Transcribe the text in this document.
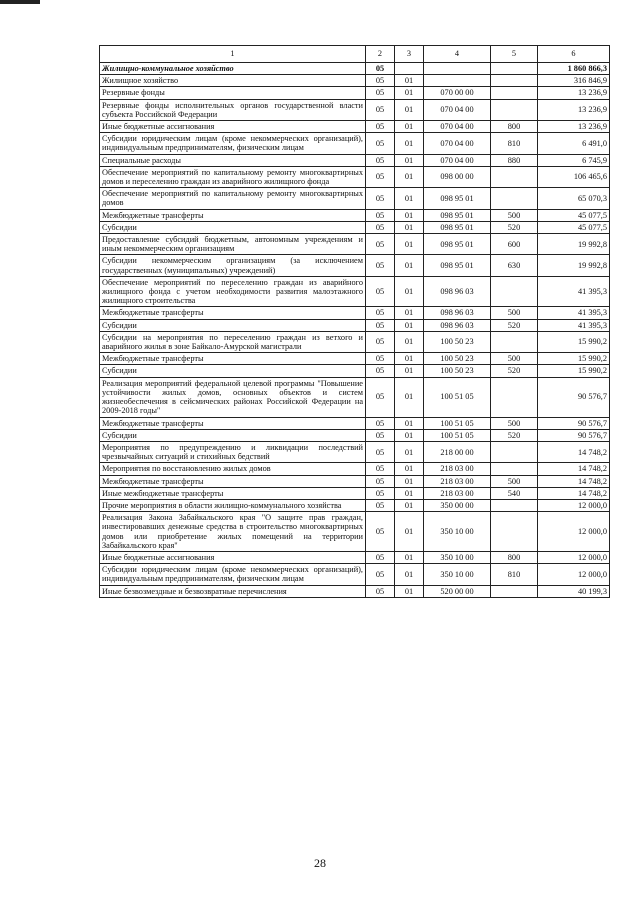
1	2	3	4	5	6
Жилищно-коммунальное хозяйство	05				1 860 866,3
Жилищное хозяйство	05	01			316 846,9
Резервные фонды	05	01	070 00 00		13 236,9
Резервные фонды исполнительных органов государственной власти субъекта Российской Федерации	05	01	070 04 00		13 236,9
Иные бюджетные ассигнования	05	01	070 04 00	800	13 236,9
Субсидии юридическим лицам (кроме некоммерческих организаций), индивидуальным предпринимателям, физическим лицам	05	01	070 04 00	810	6 491,0
Специальные расходы	05	01	070 04 00	880	6 745,9
Обеспечение мероприятий по капитальному ремонту многоквартирных домов и переселению граждан из аварийного жилищного фонда	05	01	098 00 00		106 465,6
Обеспечение мероприятий по капитальному ремонту многоквартирных домов	05	01	098 95 01		65 070,3
Межбюджетные трансферты	05	01	098 95 01	500	45 077,5
Субсидии	05	01	098 95 01	520	45 077,5
Предоставление субсидий бюджетным, автономным учреждениям и иным некоммерческим организациям	05	01	098 95 01	600	19 992,8
Субсидии некоммерческим организациям (за исключением государственных (муниципальных) учреждений)	05	01	098 95 01	630	19 992,8
Обеспечение мероприятий по переселению граждан из аварийного жилищного фонда с учетом необходимости развития малоэтажного жилищного строительства	05	01	098 96 03		41 395,3
Межбюджетные трансферты	05	01	098 96 03	500	41 395,3
Субсидии	05	01	098 96 03	520	41 395,3
Субсидии на мероприятия по переселению граждан из ветхого и аварийного жилья в зоне Байкало-Амурской магистрали	05	01	100 50 23		15 990,2
Межбюджетные трансферты	05	01	100 50 23	500	15 990,2
Субсидии	05	01	100 50 23	520	15 990,2
Реализация мероприятий федеральной целевой программы "Повышение устойчивости жилых домов, основных объектов и систем жизнеобеспечения в сейсмических районах Российской Федерации на 2009-2018 годы"	05	01	100 51 05		90 576,7
Межбюджетные трансферты	05	01	100 51 05	500	90 576,7
Субсидии	05	01	100 51 05	520	90 576,7
Мероприятия по предупреждению и ликвидации последствий чрезвычайных ситуаций и стихийных бедствий	05	01	218 00 00		14 748,2
Мероприятия по восстановлению жилых домов	05	01	218 03 00		14 748,2
Межбюджетные трансферты	05	01	218 03 00	500	14 748,2
Иные межбюджетные трансферты	05	01	218 03 00	540	14 748,2
Прочие мероприятия в области жилищно-коммунального хозяйства	05	01	350 00 00		12 000,0
Реализация Закона Забайкальского края "О защите прав граждан, инвестировавших денежные средства в строительство многоквартирных домов или приобретение жилых помещений на территории Забайкальского края"	05	01	350 10 00		12 000,0
Иные бюджетные ассигнования	05	01	350 10 00	800	12 000,0
Субсидии юридическим лицам (кроме некоммерческих организаций), индивидуальным предпринимателям, физическим лицам	05	01	350 10 00	810	12 000,0
Иные безвозмездные и безвозвратные перечисления	05	01	520 00 00		40 199,3
28
